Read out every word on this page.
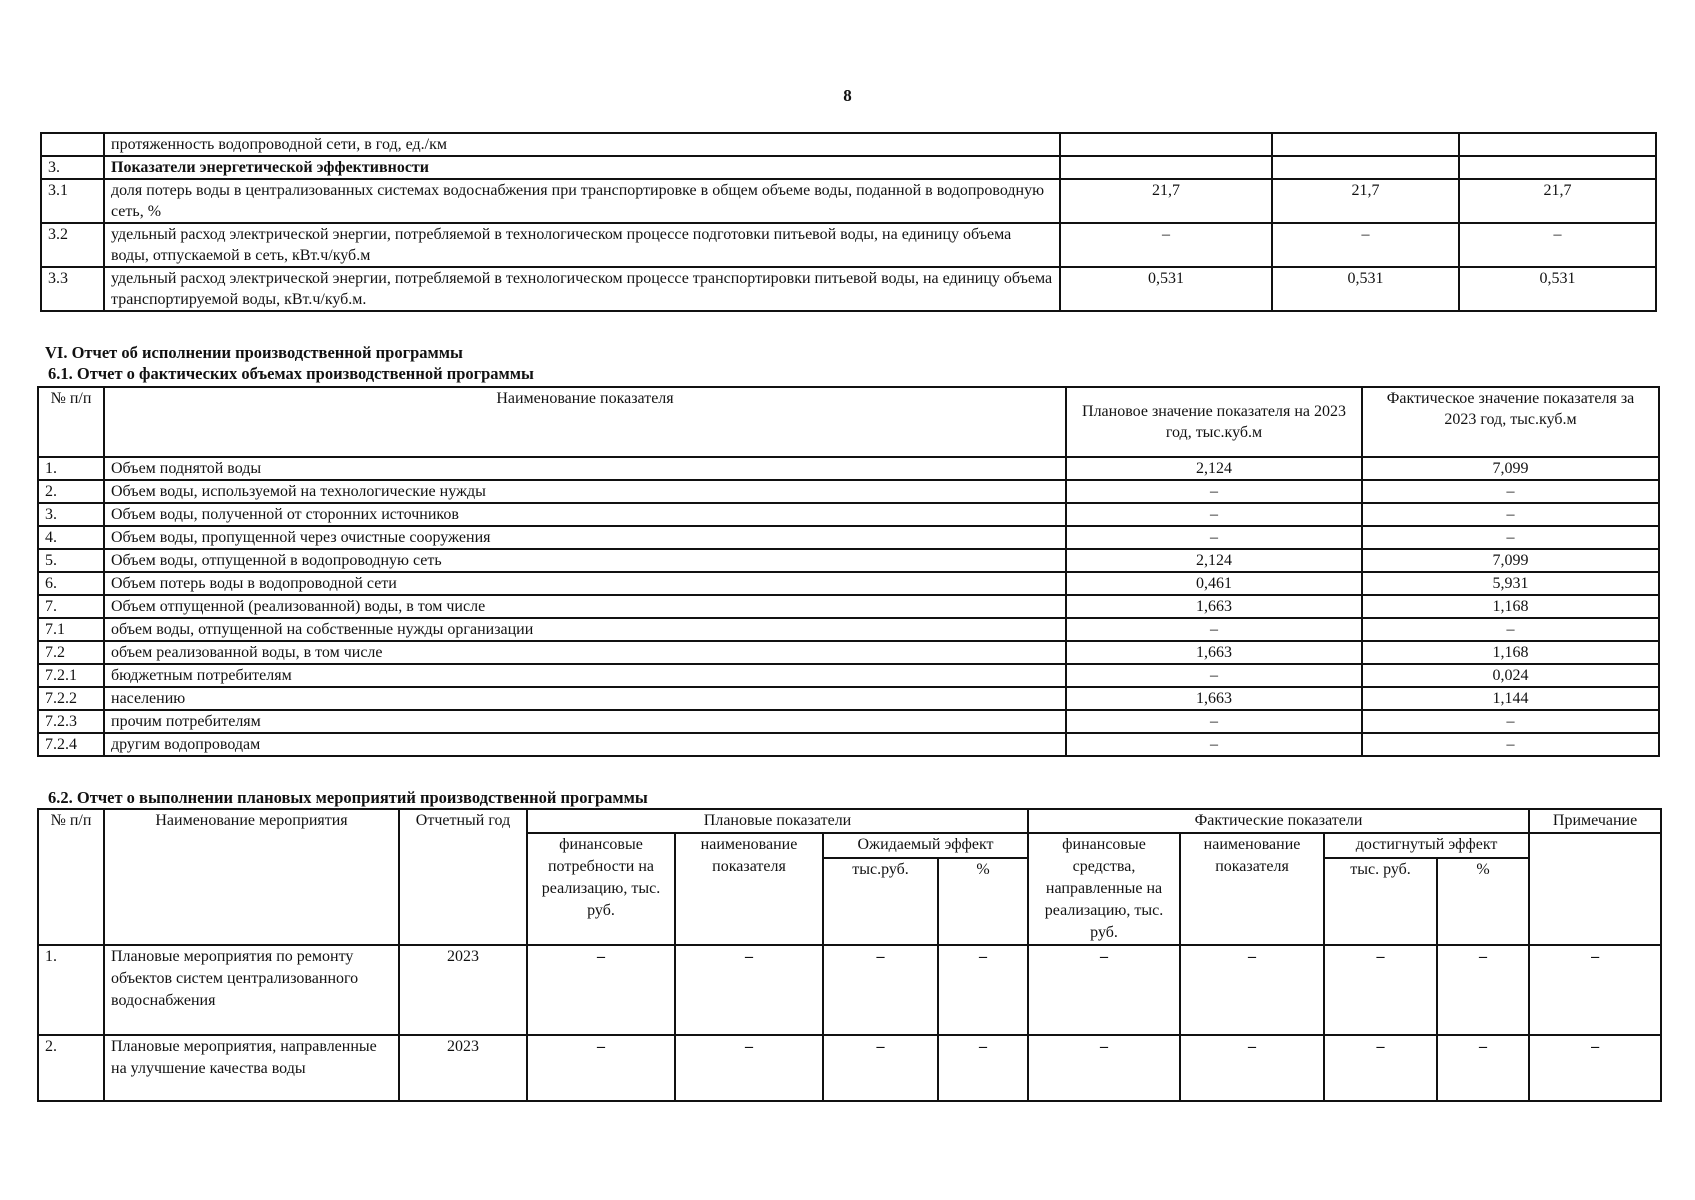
8
	протяженность водопроводной сети, в год, ед./км			
3.	Показатели энергетической эффективности			
3.1	доля потерь воды в централизованных системах водоснабжения при транспортировке в общем объеме воды, поданной в водопроводную сеть, %	21,7	21,7	21,7
3.2	удельный расход электрической энергии, потребляемой в технологическом процессе подготовки питьевой воды, на единицу объема воды, отпускаемой в сеть, кВт.ч/куб.м	–	–	–
3.3	удельный расход электрической энергии, потребляемой в технологическом процессе транспортировки питьевой воды, на единицу объема транспортируемой воды, кВт.ч/куб.м.	0,531	0,531	0,531
VI. Отчет об исполнении производственной программы
6.1. Отчет о фактических объемах производственной программы
№ п/п	Наименование показателя	Плановое значение показателя на 2023 год, тыс.куб.м	Фактическое значение показателя за 2023 год, тыс.куб.м
1.	Объем поднятой воды	2,124	7,099
2.	Объем воды, используемой на технологические нужды	–	–
3.	Объем воды, полученной от сторонних источников	–	–
4.	Объем воды, пропущенной через очистные сооружения	–	–
5.	Объем воды, отпущенной в водопроводную сеть	2,124	7,099
6.	Объем потерь воды в водопроводной сети	0,461	5,931
7.	Объем отпущенной (реализованной) воды, в том числе	1,663	1,168
7.1	объем воды, отпущенной на собственные нужды организации	–	–
7.2	объем реализованной воды, в том числе	1,663	1,168
7.2.1	бюджетным потребителям	–	0,024
7.2.2	населению	1,663	1,144
7.2.3	прочим потребителям	–	–
7.2.4	другим водопроводам	–	–
6.2. Отчет о выполнении плановых мероприятий производственной программы
№ п/п	Наименование мероприятия	Отчетный год	Плановые показатели				Фактические показатели				Примечание
			финансовые потребности на реализацию, тыс. руб.	наименование показателя	Ожидаемый эффект		финансовые средства, направленные на реализацию, тыс. руб.	наименование показателя	достигнутый эффект		
					тыс.руб.	%			тыс. руб.	%	
1.	Плановые мероприятия по ремонту объектов систем централизованного водоснабжения	2023	–	–	–	–	–	–	–	–	–
2.	Плановые мероприятия, направленные на улучшение качества воды	2023	–	–	–	–	–	–	–	–	–
